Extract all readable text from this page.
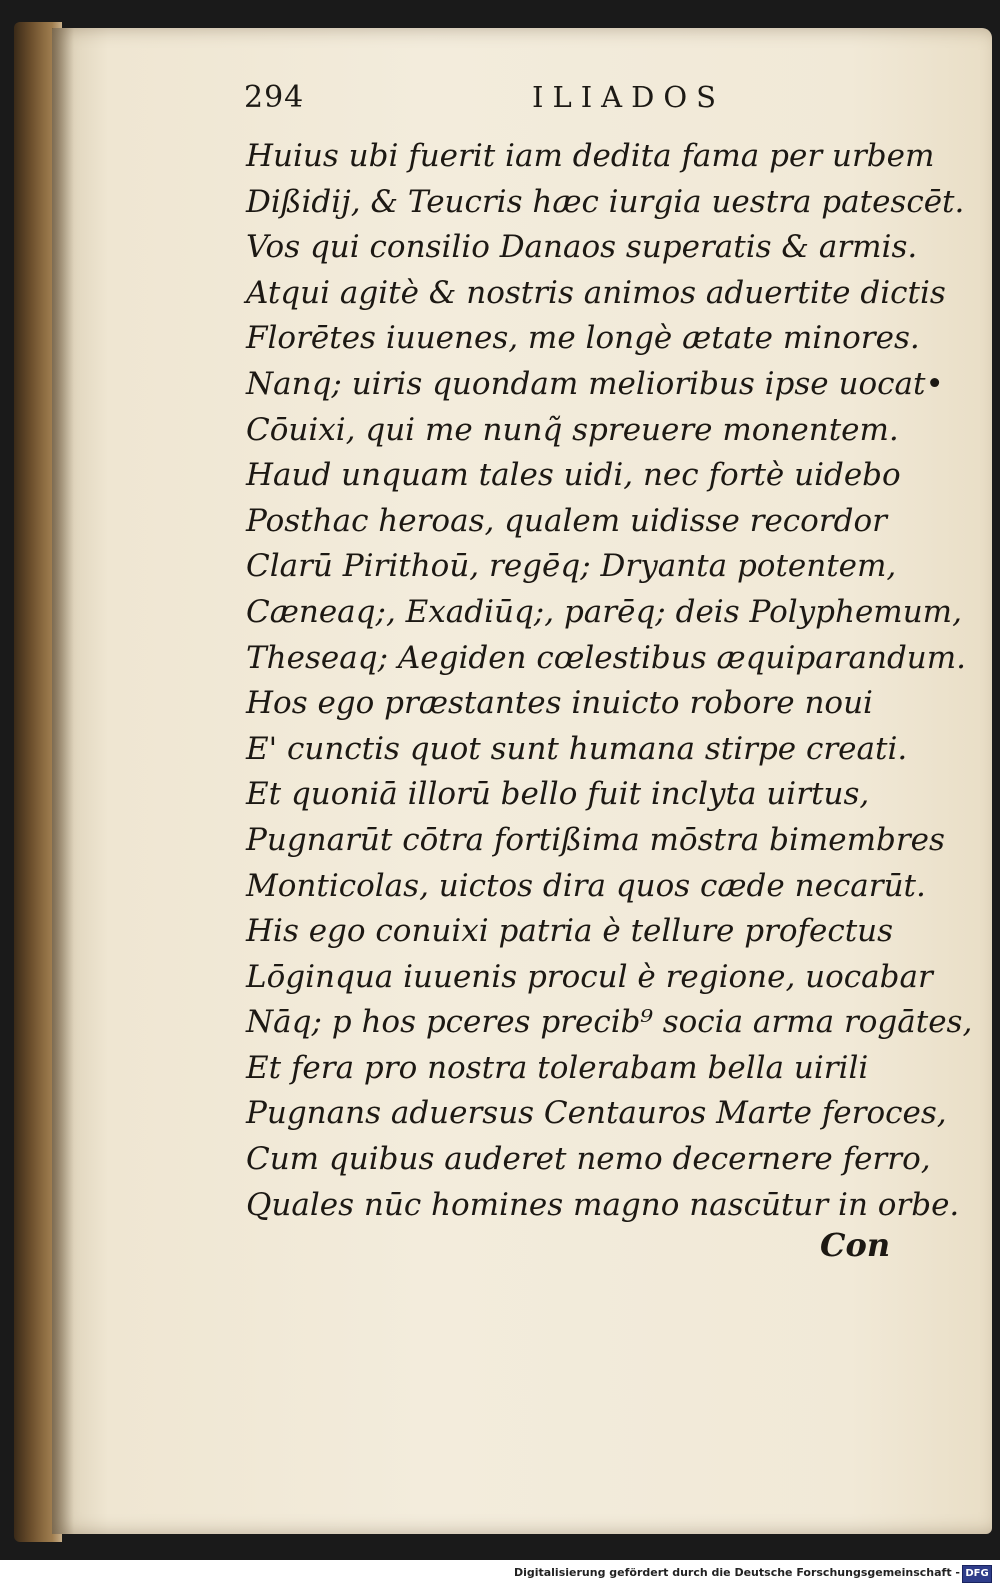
294	ILIADOS
Huius ubi fuerit iam dedita fama per urbem
Dißidij, & Teucris hæc iurgia uestra patescēt.
Vos qui consilio Danaos superatis & armis.
Atqui agitè & nostris animos aduertite dictis
Florētes iuuenes, me longè ætate minores.
Nanq; uiris quondam melioribus ipse uocat•
Cōuixi, qui me nunq̃ spreuere monentem.
Haud unquam tales uidi, nec fortè uidebo
Posthac heroas, qualem uidisse recordor
Clarū Pirithoū, regēq; Dryanta potentem,
Cæneaq;, Exadiūq;, parēq; deis Polyphemum,
Theseaq; Aegiden cœlestibus æquiparandum.
Hos ego præstantes inuicto robore noui
E' cunctis quot sunt humana stirpe creati.
Et quoniā illorū bello fuit inclyta uirtus,
Pugnarūt cōtra fortißima mōstra bimembres
Monticolas, uictos dira quos cæde necarūt.
His ego conuixi patria è tellure profectus
Lōginqua iuuenis procul è regione, uocabar
Nāq; p hos pceres precib⁹ socia arma rogātes,
Et fera pro nostra tolerabam bella uirili
Pugnans aduersus Centauros Marte feroces,
Cum quibus auderet nemo decernere ferro,
Quales nūc homines magno nascūtur in orbe.
Con
Digitalisierung gefördert durch die Deutsche Forschungsgemeinschaft - DFG
